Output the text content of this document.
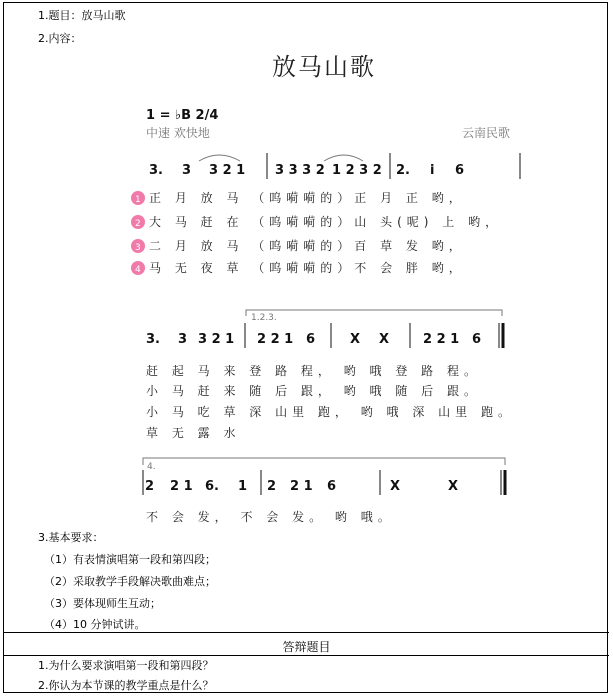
1.题目：放马山歌
2.内容：
放马山歌
1 = ♭B 2/4
中速 欢快地	云南民歌
3. 3 3 2 1 3 3 3 2 1 2 3 2 2. i 6
1 正 月 放 马 （呜嗬嗬的）正 月 正 哟，
2 大 马 赶 在 （呜嗬嗬的）山 头(呢) 上 哟，
3 二 月 放 马 （呜嗬嗬的）百 草 发 哟，
4 马 无 夜 草 （呜嗬嗬的）不 会 胖 哟，
1.2.3.
3. 3 3 2 1 2 2 1 6	X X	2 2 1 6
赶 起 马 来 登 路 程， 哟 哦 登 路 程。
小 马 赶 来 随 后 跟， 哟 哦 随 后 跟。
小 马 吃 草 深 山里 跑， 哟 哦 深 山里 跑。
草 无 露 水
4.
2 2 1 6. 1 2 2 1 6	X	X
不 会 发， 不 会 发。 哟 哦。
3.基本要求：
（1）有表情演唱第一段和第四段；
（2）采取教学手段解决歌曲难点；
（3）要体现师生互动；
（4）10 分钟试讲。
答辩题目
1.为什么要求演唱第一段和第四段？
2.你认为本节课的教学重点是什么？
